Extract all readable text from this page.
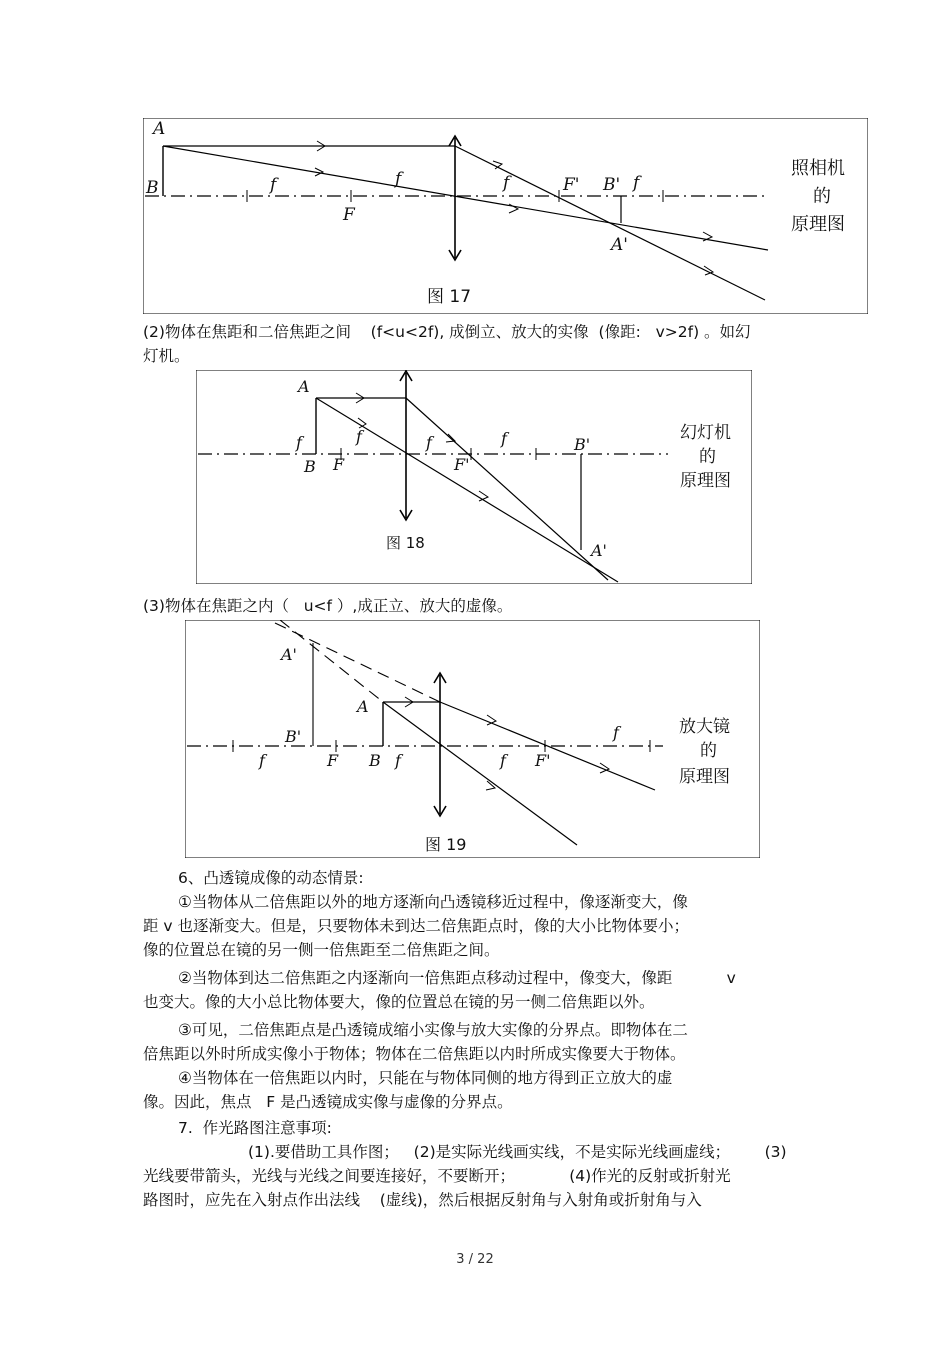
A
B	f	f	f	f
F
F' B'
A'
图 17
照相机
的
原理图
(2)物体在焦距和二倍焦距之间    (f<u<2f), 成倒立、放大的实像  (像距:   v>2f) 。如幻
灯机。
A
f
B F
f	f
F'
f	B'
A'
图 18
幻灯机
的
原理图
(3)物体在焦距之内（   u<f ）,成正立、放大的虚像。
A'
A
B'
f	F B f	f F'
f
图 19
放大镜
的
原理图
6、凸透镜成像的动态情景:
①当物体从二倍焦距以外的地方逐渐向凸透镜移近过程中，像逐渐变大，像
距 v 也逐渐变大。但是，只要物体未到达二倍焦距点时，像的大小比物体要小；
像的位置总在镜的另一侧一倍焦距至二倍焦距之间。
②当物体到达二倍焦距之内逐渐向一倍焦距点移动过程中，像变大，像距           v
也变大。像的大小总比物体要大，像的位置总在镜的另一侧二倍焦距以外。
③可见，二倍焦距点是凸透镜成缩小实像与放大实像的分界点。即物体在二
倍焦距以外时所成实像小于物体；物体在二倍焦距以内时所成实像要大于物体。
④当物体在一倍焦距以内时，只能在与物体同侧的地方得到正立放大的虚
像。因此，焦点   F 是凸透镜成实像与虚像的分界点。
7.  作光路图注意事项:
(1).要借助工具作图；   (2)是实际光线画实线，不是实际光线画虚线；       (3)
光线要带箭头，光线与光线之间要连接好，不要断开；           (4)作光的反射或折射光
路图时，应先在入射点作出法线    (虚线)，然后根据反射角与入射角或折射角与入
3 / 22
